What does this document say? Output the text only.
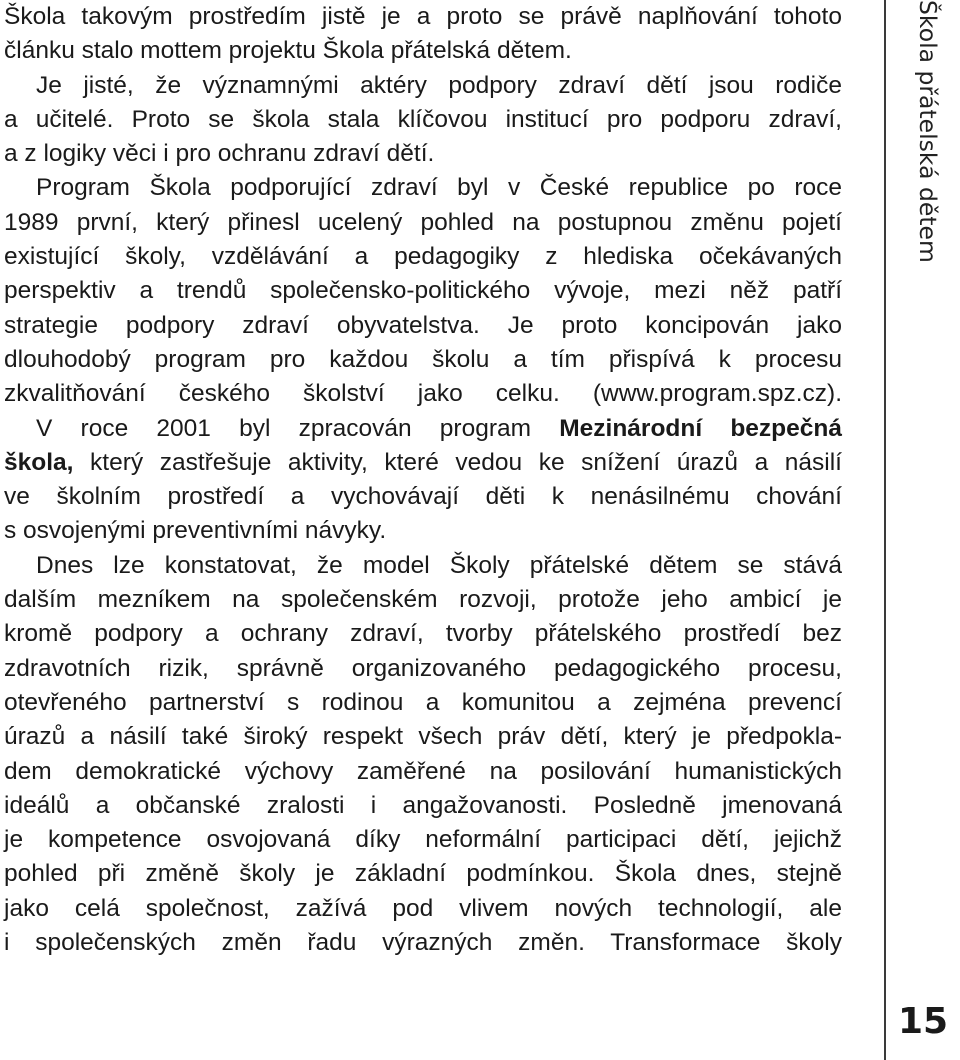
Škola takovým prostředím jistě je a proto se právě naplňování tohoto
článku stalo mottem projektu Škola přátelská dětem.
Je jisté, že významnými aktéry podpory zdraví dětí jsou rodiče
a učitelé. Proto se škola stala klíčovou institucí pro podporu zdraví,
a z logiky věci i pro ochranu zdraví dětí.
Program Škola podporující zdraví byl v České republice po roce
1989 první, který přinesl ucelený pohled na postupnou změnu pojetí
existující školy, vzdělávání a pedagogiky z hlediska očekávaných
perspektiv a trendů společensko-politického vývoje, mezi něž patří
strategie podpory zdraví obyvatelstva. Je proto koncipován jako
dlouhodobý program pro každou školu a tím přispívá k procesu
zkvalitňování českého školství jako celku. (www.program.spz.cz).
V roce 2001 byl zpracován program Mezinárodní bezpečná
škola, který zastřešuje aktivity, které vedou ke snížení úrazů a násilí
ve školním prostředí a vychovávají děti k nenásilnému chování
s osvojenými preventivními návyky.
Dnes lze konstatovat, že model Školy přátelské dětem se stává
dalším mezníkem na společenském rozvoji, protože jeho ambicí je
kromě podpory a ochrany zdraví, tvorby přátelského prostředí bez
zdravotních rizik, správně organizovaného pedagogického procesu,
otevřeného partnerství s rodinou a komunitou a zejména prevencí
úrazů a násilí také široký respekt všech práv dětí, který je předpokla-
dem demokratické výchovy zaměřené na posilování humanistických
ideálů a občanské zralosti i angažovanosti. Posledně jmenovaná
je kompetence osvojovaná díky neformální participaci dětí, jejichž
pohled při změně školy je základní podmínkou. Škola dnes, stejně
jako celá společnost, zažívá pod vlivem nových technologií, ale
i společenských změn řadu výrazných změn. Transformace školy
Škola přátelská dětem
15
